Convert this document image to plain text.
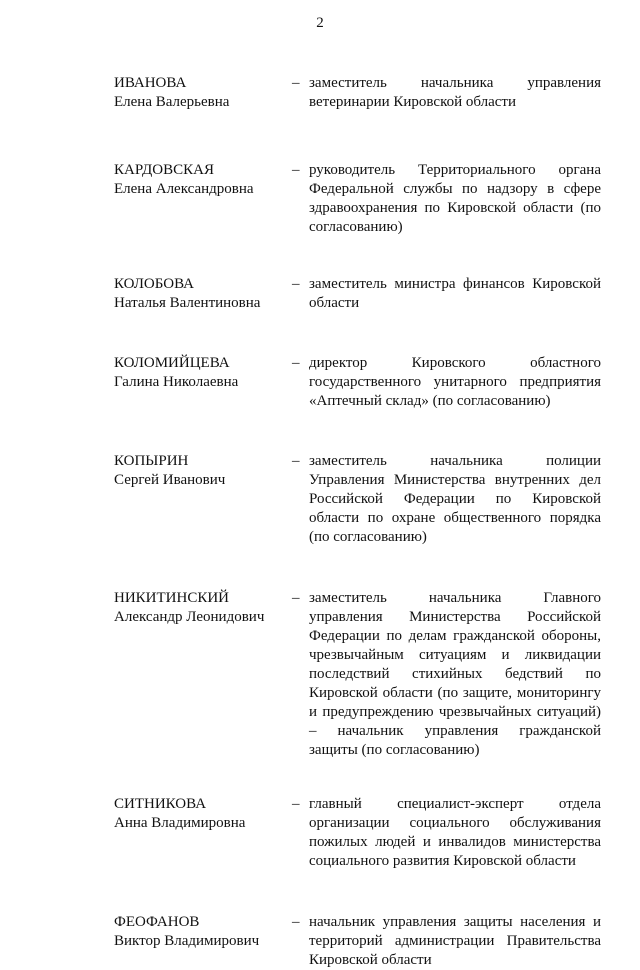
2
ИВАНОВА
Елена Валерьевна
– заместитель начальника управления ветеринарии Кировской области
КАРДОВСКАЯ
Елена Александровна
– руководитель Территориального органа Федеральной службы по надзору в сфере здравоохранения по Кировской области (по согласованию)
КОЛОБОВА
Наталья Валентиновна
– заместитель министра финансов Кировской области
КОЛОМИЙЦЕВА
Галина Николаевна
– директор Кировского областного государственного унитарного предприятия «Аптечный склад» (по согласованию)
КОПЫРИН
Сергей Иванович
– заместитель начальника полиции Управления Министерства внутренних дел Российской Федерации по Кировской области по охране общественного порядка (по согласованию)
НИКИТИНСКИЙ
Александр Леонидович
– заместитель начальника Главного управления Министерства Российской Федерации по делам гражданской обороны, чрезвычайным ситуациям и ликвидации последствий стихийных бедствий по Кировской области (по защите, мониторингу и предупреждению чрезвычайных ситуаций) – начальник управления гражданской защиты (по согласованию)
СИТНИКОВА
Анна Владимировна
– главный специалист-эксперт отдела организации социального обслуживания пожилых людей и инвалидов министерства социального развития Кировской области
ФЕОФАНОВ
Виктор Владимирович
– начальник управления защиты населения и территорий администрации Правительства Кировской области
